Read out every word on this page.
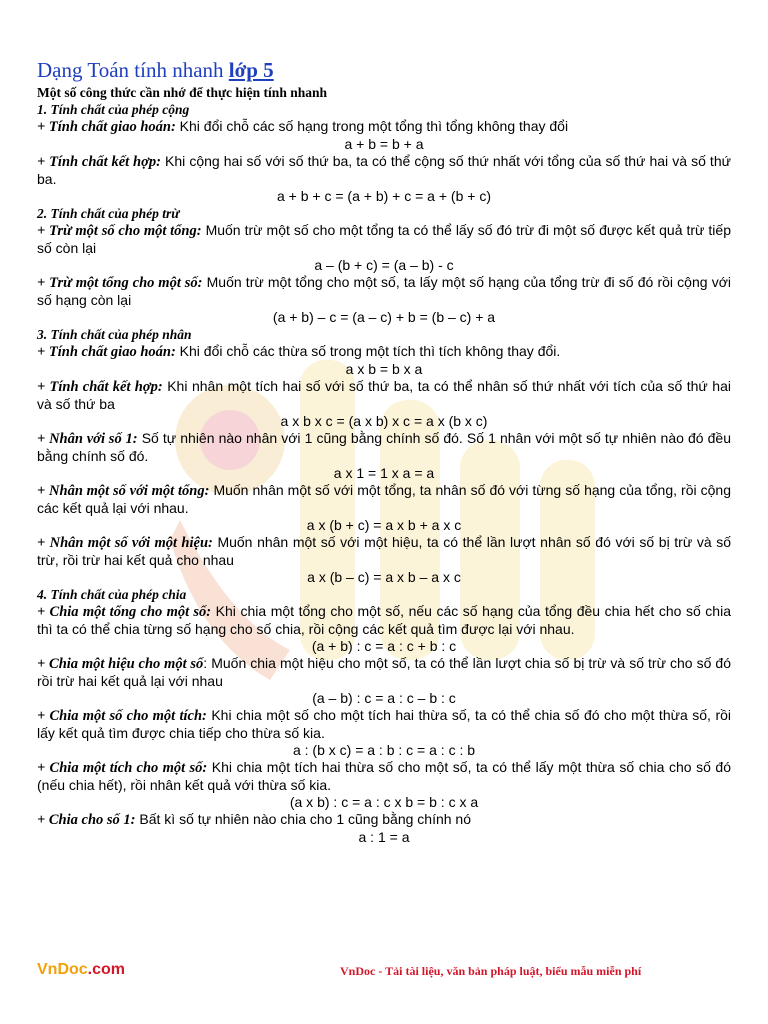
Dạng Toán tính nhanh lớp 5
Một số công thức cần nhớ để thực hiện tính nhanh
1. Tính chất của phép cộng
+ Tính chất giao hoán: Khi đổi chỗ các số hạng trong một tổng thì tổng không thay đổi
a + b = b + a
+ Tính chất kết hợp: Khi cộng hai số với số thứ ba, ta có thể cộng số thứ nhất với tổng của số thứ hai và số thứ ba.
a + b + c = (a + b) + c = a + (b + c)
2. Tính chất của phép trừ
+ Trừ một số cho một tổng: Muốn trừ một số cho một tổng ta có thể lấy số đó trừ đi một số được kết quả trừ tiếp số còn lại
a – (b + c) = (a – b) - c
+ Trừ một tổng cho một số: Muốn trừ một tổng cho một số, ta lấy một số hạng của tổng trừ đi số đó rồi cộng với số hạng còn lại
(a + b) – c = (a – c) + b = (b – c) + a
3. Tính chất của phép nhân
+ Tính chất giao hoán: Khi đổi chỗ các thừa số trong một tích thì tích không thay đổi.
a x b = b x a
+ Tính chất kết hợp: Khi nhân một tích hai số với số thứ ba, ta có thể nhân số thứ nhất với tích của số thứ hai và số thứ ba
a x b x c = (a x b) x c = a x (b x c)
+ Nhân với số 1: Số tự nhiên nào nhân với 1 cũng bằng chính số đó. Số 1 nhân với một số tự nhiên nào đó đều bằng chính số đó.
a x 1 = 1 x a = a
+ Nhân một số với một tổng: Muốn nhân một số với một tổng, ta nhân số đó với từng số hạng của tổng, rồi cộng các kết quả lại với nhau.
a x (b + c) = a x b + a x c
+ Nhân một số với một hiệu: Muốn nhân một số với một hiệu, ta có thể lần lượt nhân số đó với số bị trừ và số trừ, rồi trừ hai kết quả cho nhau
a x (b – c) = a x b – a x c
4. Tính chất của phép chia
+ Chia một tổng cho một số: Khi chia một tổng cho một số, nếu các số hạng của tổng đều chia hết cho số chia thì ta có thể chia từng số hạng cho số chia, rồi cộng các kết quả tìm được lại với nhau.
(a + b) : c = a : c + b : c
+ Chia một hiệu cho một số: Muốn chia một hiệu cho một số, ta có thể lần lượt chia số bị trừ và số trừ cho số đó rồi trừ hai kết quả lại với nhau
(a – b) : c = a : c – b : c
+ Chia một số cho một tích: Khi chia một số cho một tích hai thừa số, ta có thể chia số đó cho một thừa số, rồi lấy kết quả tìm được chia tiếp cho thừa số kia.
a : (b x c) = a : b : c = a : c : b
+ Chia một tích cho một số: Khi chia một tích hai thừa số cho một số, ta có thể lấy một thừa số chia cho số đó (nếu chia hết), rồi nhân kết quả với thừa số kia.
(a x b) : c = a : c x b = b : c x a
+ Chia cho số 1: Bất kì số tự nhiên nào chia cho 1 cũng bằng chính nó
a : 1 = a
VnDoc.com	VnDoc - Tải tài liệu, văn bản pháp luật, biểu mẫu miễn phí
